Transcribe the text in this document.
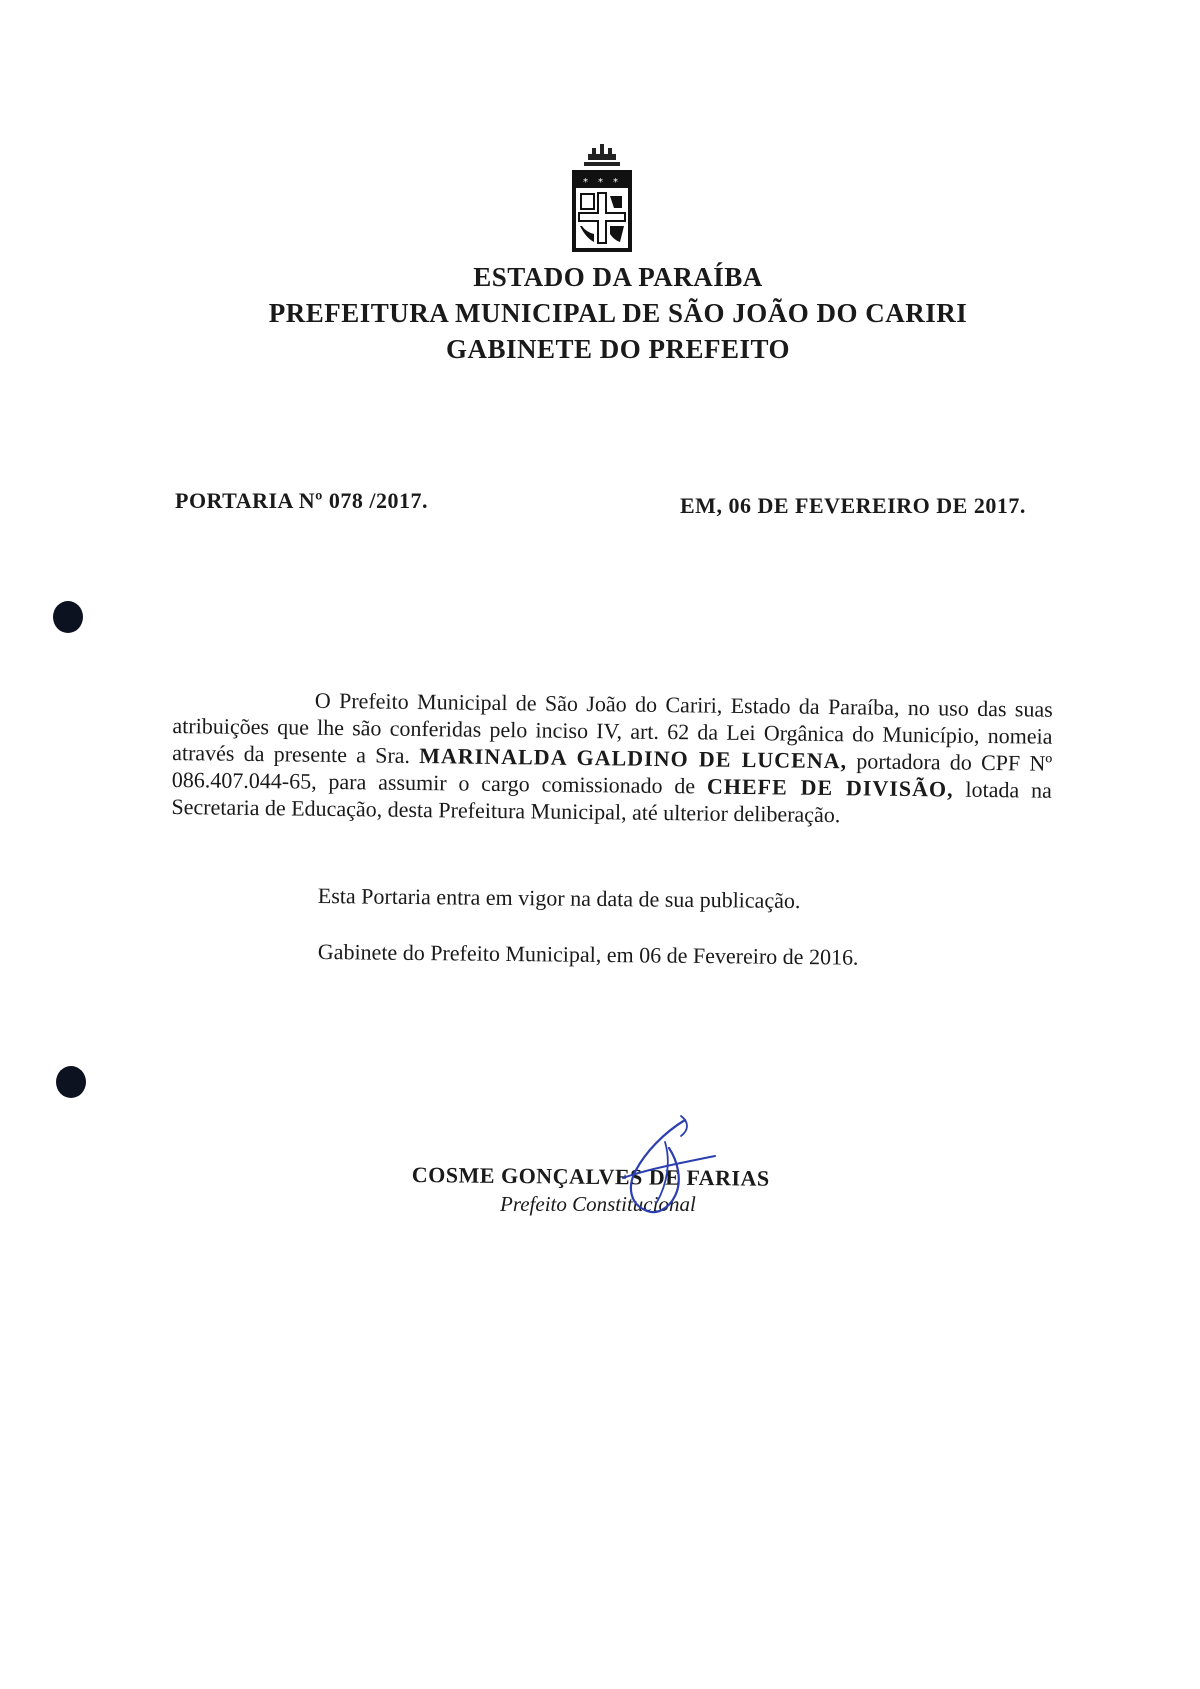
* * *
ESTADO DA PARAÍBA
PREFEITURA MUNICIPAL DE SÃO JOÃO DO CARIRI
GABINETE DO PREFEITO
PORTARIA Nº 078 /2017.	EM, 06 DE FEVEREIRO DE 2017.
O Prefeito Municipal de São João do Cariri, Estado da Paraíba, no uso das suas atribuições que lhe são conferidas pelo inciso IV, art. 62 da Lei Orgânica do Município, nomeia através da presente a Sra. MARINALDA GALDINO DE LUCENA, portadora do CPF Nº 086.407.044-65, para assumir o cargo comissionado de CHEFE DE DIVISÃO, lotada na Secretaria de Educação, desta Prefeitura Municipal, até ulterior deliberação.
Esta Portaria entra em vigor na data de sua publicação.
Gabinete do Prefeito Municipal, em 06 de Fevereiro de 2016.
COSME GONÇALVES DE FARIAS
Prefeito Constitucional
